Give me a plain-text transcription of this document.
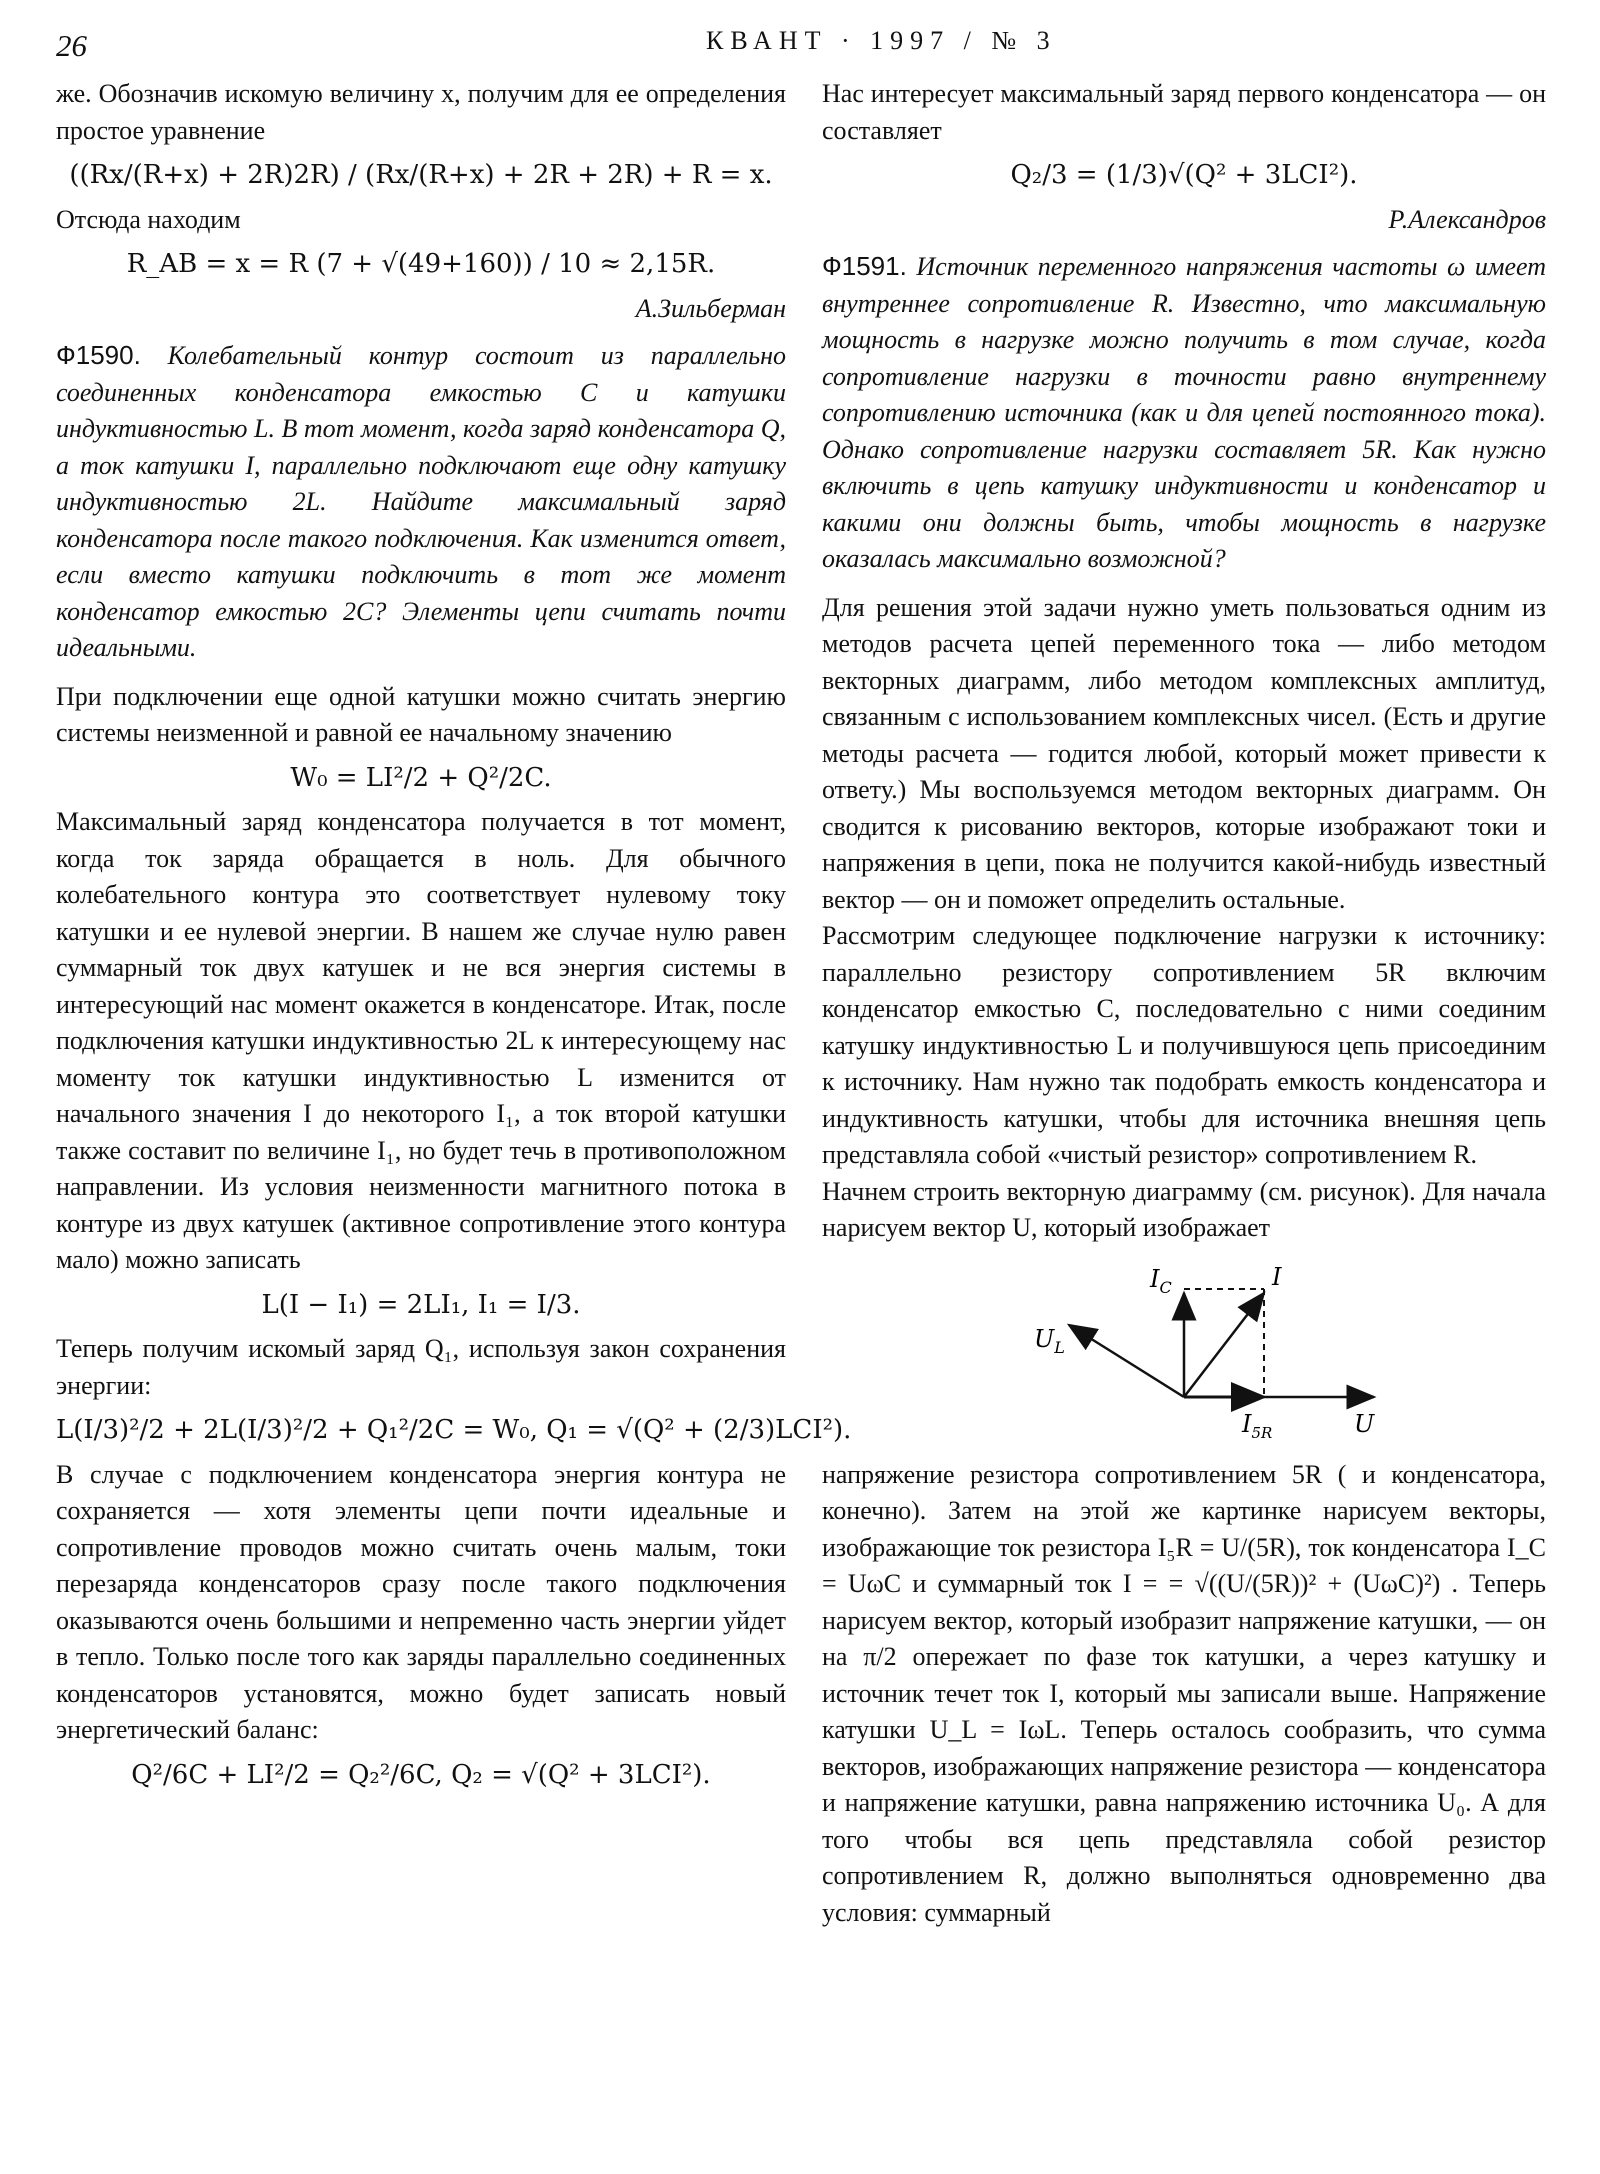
26	КВАНТ · 1997 / № 3

же. Обозначив искомую величину x, получим для ее определения простое уравнение

((Rx/(R+x) + 2R)2R) / (Rx/(R+x) + 2R + 2R) + R = x.

Отсюда находим

R_AB = x = R (7 + √(49+160)) / 10 ≈ 2,15R.
А.Зильберман

Ф1590. Колебательный контур состоит из параллельно соединенных конденсатора емкостью C и катушки индуктивностью L. В тот момент, когда заряд конденсатора Q, а ток катушки I, параллельно подключают еще одну катушку индуктивностью 2L. Найдите максимальный заряд конденсатора после такого подключения. Как изменится ответ, если вместо катушки подключить в тот же момент конденсатор емкостью 2C? Элементы цепи считать почти идеальными.

При подключении еще одной катушки можно считать энергию системы неизменной и равной ее начальному значению

W₀ = LI²/2 + Q²/2C.

Максимальный заряд конденсатора получается в тот момент, когда ток заряда обращается в ноль. Для обычного колебательного контура это соответствует нулевому току катушки и ее нулевой энергии. В нашем же случае нулю равен суммарный ток двух катушек и не вся энергия системы в интересующий нас момент окажется в конденсаторе. Итак, после подключения катушки индуктивностью 2L к интересующему нас моменту ток катушки индуктивностью L изменится от начального значения I до некоторого I₁, а ток второй катушки также составит по величине I₁, но будет течь в противоположном направлении. Из условия неизменности магнитного потока в контуре из двух катушек (активное сопротивление этого контура мало) можно записать

L(I − I₁) = 2LI₁, I₁ = I/3.

Теперь получим искомый заряд Q₁, используя закон сохранения энергии:

L(I/3)²/2 + 2L(I/3)²/2 + Q₁²/2C = W₀, Q₁ = √(Q² + (2/3)LCI²).

В случае с подключением конденсатора энергия контура не сохраняется — хотя элементы цепи почти идеальные и сопротивление проводов можно считать очень малым, токи перезаряда конденсаторов сразу после такого подключения оказываются очень большими и непременно часть энергии уйдет в тепло. Только после того как заряды параллельно соединенных конденсаторов установятся, можно будет записать новый энергетический баланс:

Q²/6C + LI²/2 = Q₂²/6C, Q₂ = √(Q² + 3LCI²).

Нас интересует максимальный заряд первого конденсатора — он составляет

Q₂/3 = (1/3)√(Q² + 3LCI²).
Р.Александров

Ф1591. Источник переменного напряжения частоты ω имеет внутреннее сопротивление R. Известно, что максимальную мощность в нагрузке можно получить в том случае, когда сопротивление нагрузки в точности равно внутреннему сопротивлению источника (как и для цепей постоянного тока). Однако сопротивление нагрузки составляет 5R. Как нужно включить в цепь катушку индуктивности и конденсатор и какими они должны быть, чтобы мощность в нагрузке оказалась максимально возможной?

Для решения этой задачи нужно уметь пользоваться одним из методов расчета цепей переменного тока — либо методом векторных диаграмм, либо методом комплексных амплитуд, связанным с использованием комплексных чисел. (Есть и другие методы расчета — годится любой, который может привести к ответу.) Мы воспользуемся методом векторных диаграмм. Он сводится к рисованию векторов, которые изображают токи и напряжения в цепи, пока не получится какой-нибудь известный вектор — он и поможет определить остальные.

Рассмотрим следующее подключение нагрузки к источнику: параллельно резистору сопротивлением 5R включим конденсатор емкостью C, последовательно с ними соединим катушку индуктивностью L и получившуюся цепь присоединим к источнику. Нам нужно так подобрать емкость конденсатора и индуктивность катушки, чтобы для источника внешняя цепь представляла собой «чистый резистор» сопротивлением R.

Начнем строить векторную диаграмму (см. рисунок). Для начала нарисуем вектор U, который изображает

$I_C$	I
$U_L$
$I_{5R}$	U

напряжение резистора сопротивлением 5R ( и конденсатора, конечно). Затем на этой же картинке нарисуем векторы, изображающие ток резистора I₅R = U/(5R), ток конденсатора I_C = UωC и суммарный ток I = = √((U/(5R))² + (UωC)²) . Теперь нарисуем вектор, который изобразит напряжение катушки, — он на π/2 опережает по фазе ток катушки, а через катушку и источник течет ток I, который мы записали выше. Напряжение катушки U_L = IωL. Теперь осталось сообразить, что сумма векторов, изображающих напряжение резистора — конденсатора и напряжение катушки, равна напряжению источника U₀. А для того чтобы вся цепь представляла собой резистор сопротивлением R, должно выполняться одновременно два условия: суммарный
